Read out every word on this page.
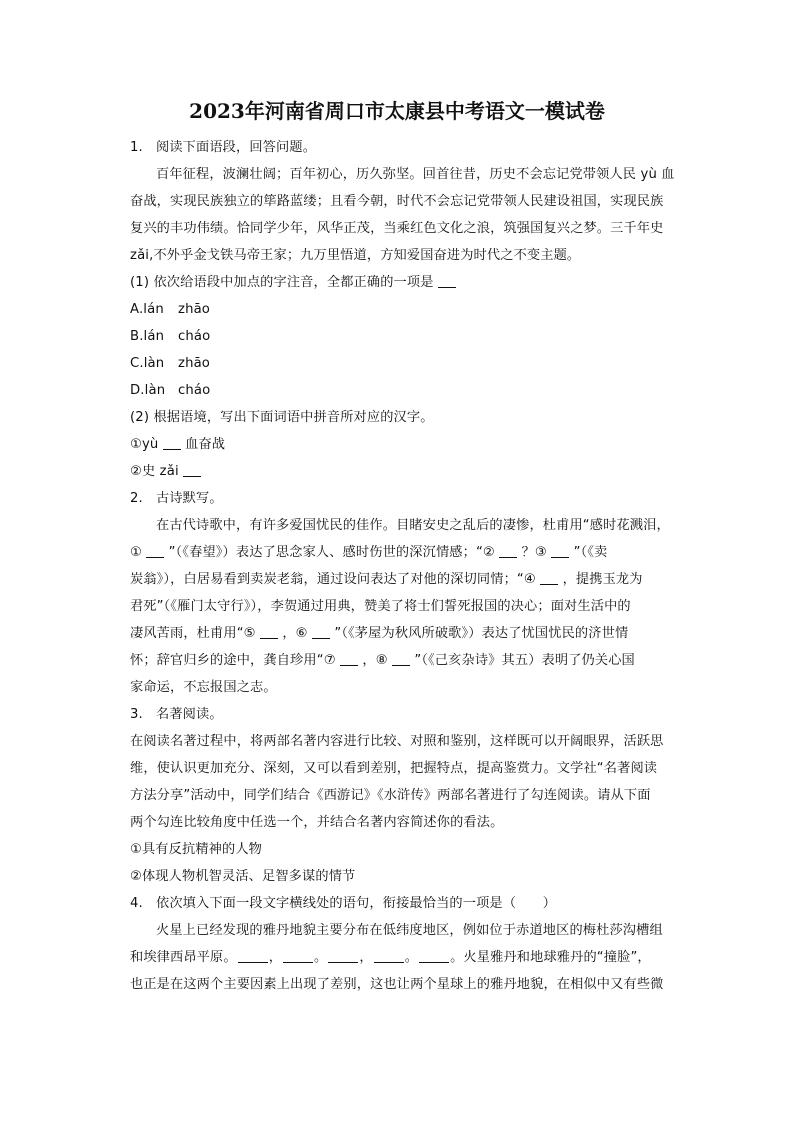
2023年河南省周口市太康县中考语文一模试卷

1. 阅读下面语段，回答问题。

百年征程，波澜壮阔；百年初心，历久弥坚。回首往昔，历史不会忘记党带领人民 yù 血

奋战，实现民族独立的筚路蓝缕；且看今朝，时代不会忘记党带领人民建设祖国，实现民族

复兴的丰功伟绩。恰同学少年，风华正茂，当乘红色文化之浪，筑强国复兴之梦。三千年史

zǎi,不外乎金戈铁马帝王家；九万里悟道，方知爱国奋进为时代之不变主题。

(1) 依次给语段中加点的字注音，全都正确的一项是

A.lán zhāo

B.lán cháo

C.làn zhāo

D.làn cháo

(2) 根据语境，写出下面词语中拼音所对应的汉字。

①yù 血奋战

②史 zǎi

2. 古诗默写。

在古代诗歌中，有许多爱国忧民的佳作。目睹安史之乱后的凄惨，杜甫用“感时花溅泪，

① ”（《春望》）表达了思念家人、感时伤世的深沉情感；“② ？③ ”（《卖

炭翁》），白居易看到卖炭老翁，通过设问表达了对他的深切同情；“④ ，提携玉龙为

君死”（《雁门太守行》），李贺通过用典，赞美了将士们誓死报国的决心；面对生活中的

凄风苦雨，杜甫用“⑤ ，⑥ ”（《茅屋为秋风所破歌》）表达了忧国忧民的济世情

怀；辞官归乡的途中，龚自珍用“⑦ ，⑧ ”（《己亥杂诗》其五）表明了仍关心国

家命运，不忘报国之志。

3. 名著阅读。

在阅读名著过程中，将两部名著内容进行比较、对照和鉴别，这样既可以开阔眼界，活跃思

维，使认识更加充分、深刻，又可以看到差别，把握特点，提高鉴赏力。文学社“名著阅读

方法分享”活动中，同学们结合《西游记》《水浒传》两部名著进行了勾连阅读。请从下面

两个勾连比较角度中任选一个，并结合名著内容简述你的看法。

①具有反抗精神的人物

②体现人物机智灵活、足智多谋的情节

4. 依次填入下面一段文字横线处的语句，衔接最恰当的一项是（　　）

火星上已经发现的雅丹地貌主要分布在低纬度地区，例如位于赤道地区的梅杜莎沟槽组

和埃律西昂平原。 ， 。 ， 。 。火星雅丹和地球雅丹的“撞脸”，

也正是在这两个主要因素上出现了差别，这也让两个星球上的雅丹地貌，在相似中又有些微
